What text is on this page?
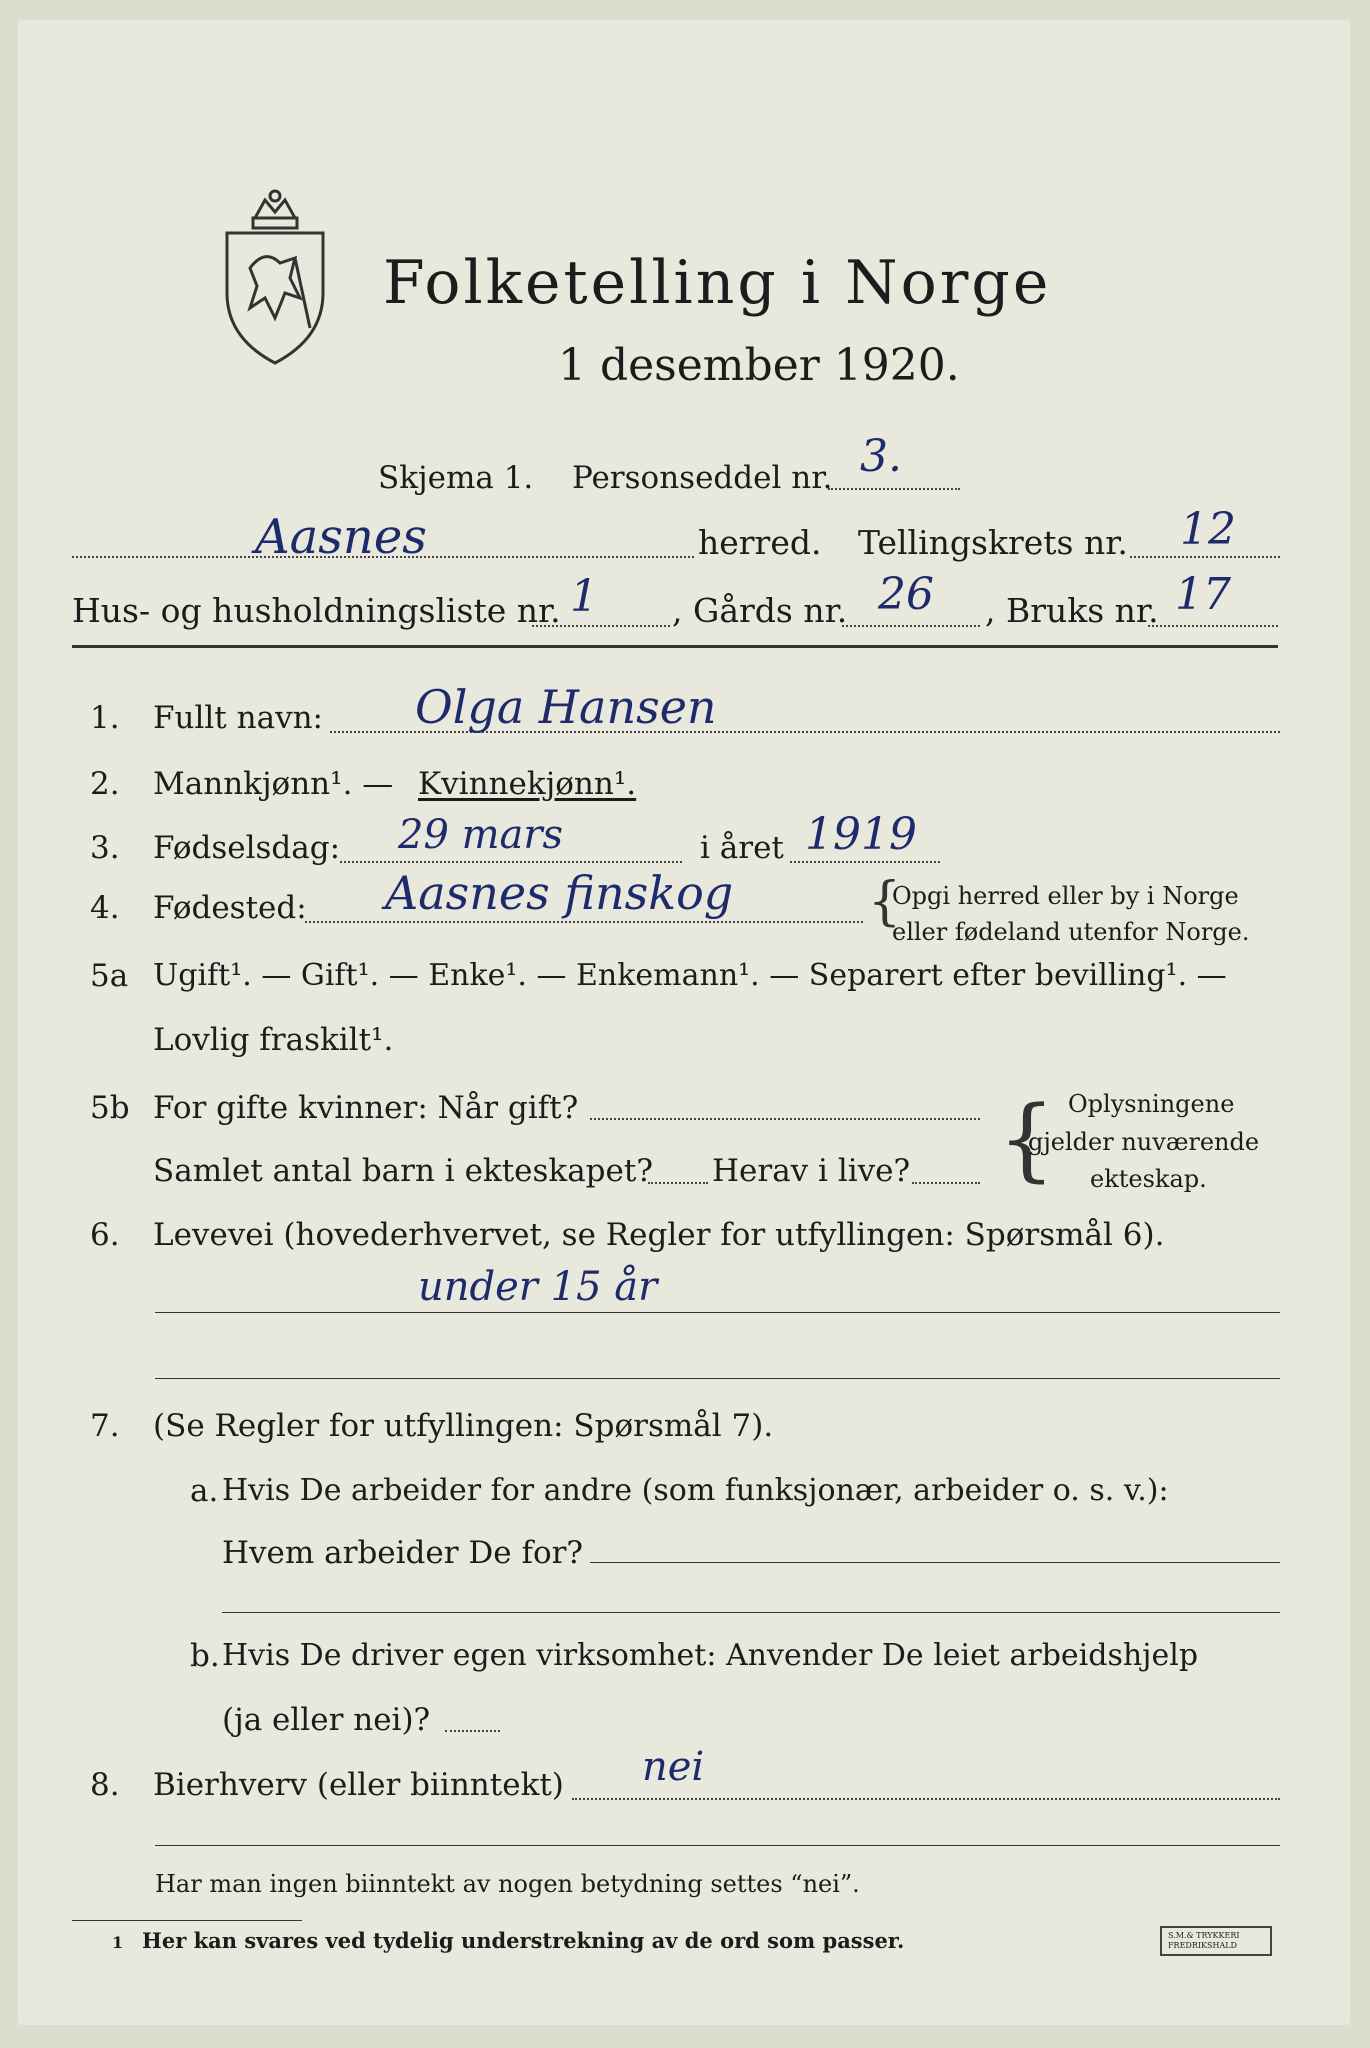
Folketelling i Norge
1 desember 1920.
Skjema 1. Personseddel nr. 3.
Aasnes	herred. Tellingskrets nr. 12
Hus- og husholdningsliste nr. 1 , Gårds nr. 26 , Bruks nr. 17
1. Fullt navn: Olga Hansen
2. Mannkjønn¹. — Kvinnekjønn¹.
3. Fødselsdag: 29 mars	i året 1919
4. Fødested: Aasnes finskog	{
Opgi herred eller by i Norge
eller fødeland utenfor Norge.
5a Ugift¹. — Gift¹. — Enke¹. — Enkemann¹. — Separert efter bevilling¹. —
Lovlig fraskilt¹.
5b For gifte kvinner: Når gift?
Samlet antal barn i ekteskapet? Herav i live? { Oplysningene
gjelder nuværende
ekteskap.
6. Levevei (hovederhvervet, se Regler for utfyllingen: Spørsmål 6).
under 15 år
7. (Se Regler for utfyllingen: Spørsmål 7).
a. Hvis De arbeider for andre (som funksjonær, arbeider o. s. v.):
Hvem arbeider De for?
b. Hvis De driver egen virksomhet: Anvender De leiet arbeidshjelp
(ja eller nei)?
8. Bierhverv (eller biinntekt) nei
Har man ingen biinntekt av nogen betydning settes “nei”.
1 Her kan svares ved tydelig understrekning av de ord som passer.	S.M.& TRYKKERI FREDRIKSHALD
